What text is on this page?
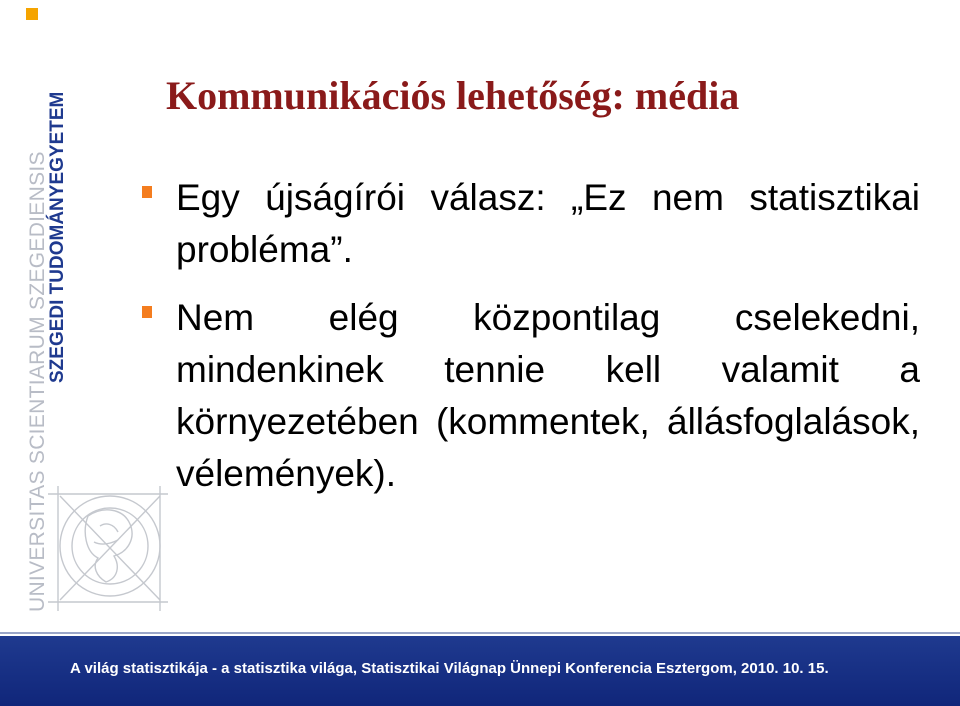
SZEGEDI TUDOMÁNYEGYETEM
UNIVERSITAS SCIENTIARUM SZEGEDIENSIS
Kommunikációs lehetőség: média
Egy újságírói válasz: „Ez nem statisztikai probléma”.
Nem elég központilag cselekedni, mindenkinek tennie kell valamit a környezetében (kommentek, állásfoglalások, vélemények).
A világ statisztikája - a statisztika világa, Statisztikai Világnap Ünnepi Konferencia Esztergom, 2010. 10. 15.
